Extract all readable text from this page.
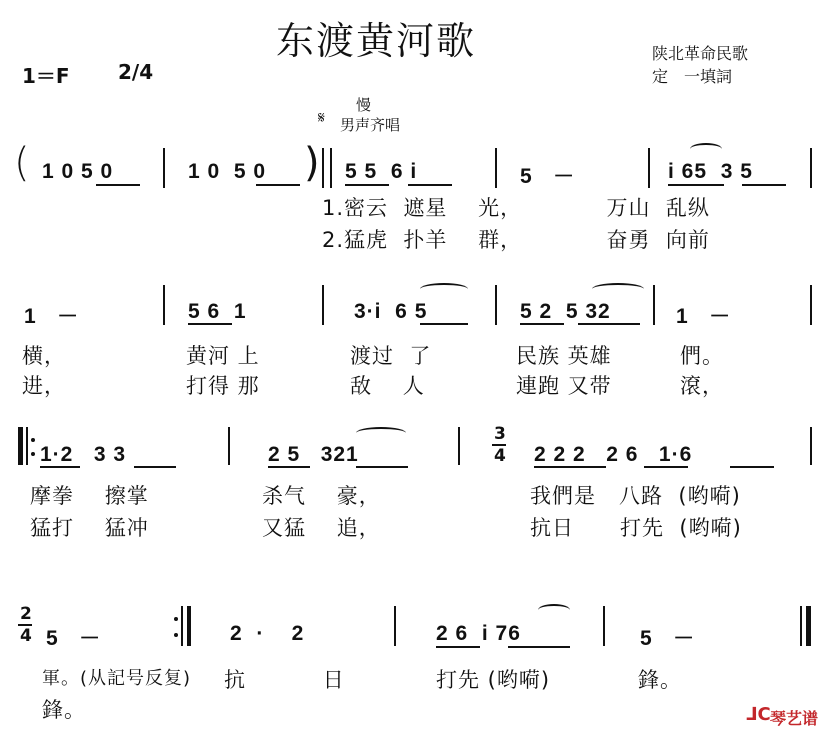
东渡黄河歌
1＝F 2/4
陕北革命民歌
定　一填詞
慢
𝄋 男声齐唱
( 1 0 5 0	1 0  5 0 ) 5 5  6 i	5   －	i 65  3 5
1.密云  遮星    光，           万山  乱纵
2.猛虎  扑羊    群，           奋勇  向前
1   －	5 6  1	3·i  6 5	5 2  5 32	1   －
横，	黄河 上	渡过  了	民族 英雄	們。
进，	打得 那	敌    人	連跑 又带	滾，
1·2   3 3	2 5   321
3
4 2 2 2   2 6   1·6
摩拳    擦掌	杀气    豪，	我們是   八路  (哟嗬)
猛打    猛冲	又猛    追，	抗日      打先  (哟嗬)
2
4 5   －	2  ·    2	2 6  i 76	5   －
軍。(从記号反复) 抗          日	打先 (哟嗬)	鋒。
鋒。	⅃C 琴艺谱
